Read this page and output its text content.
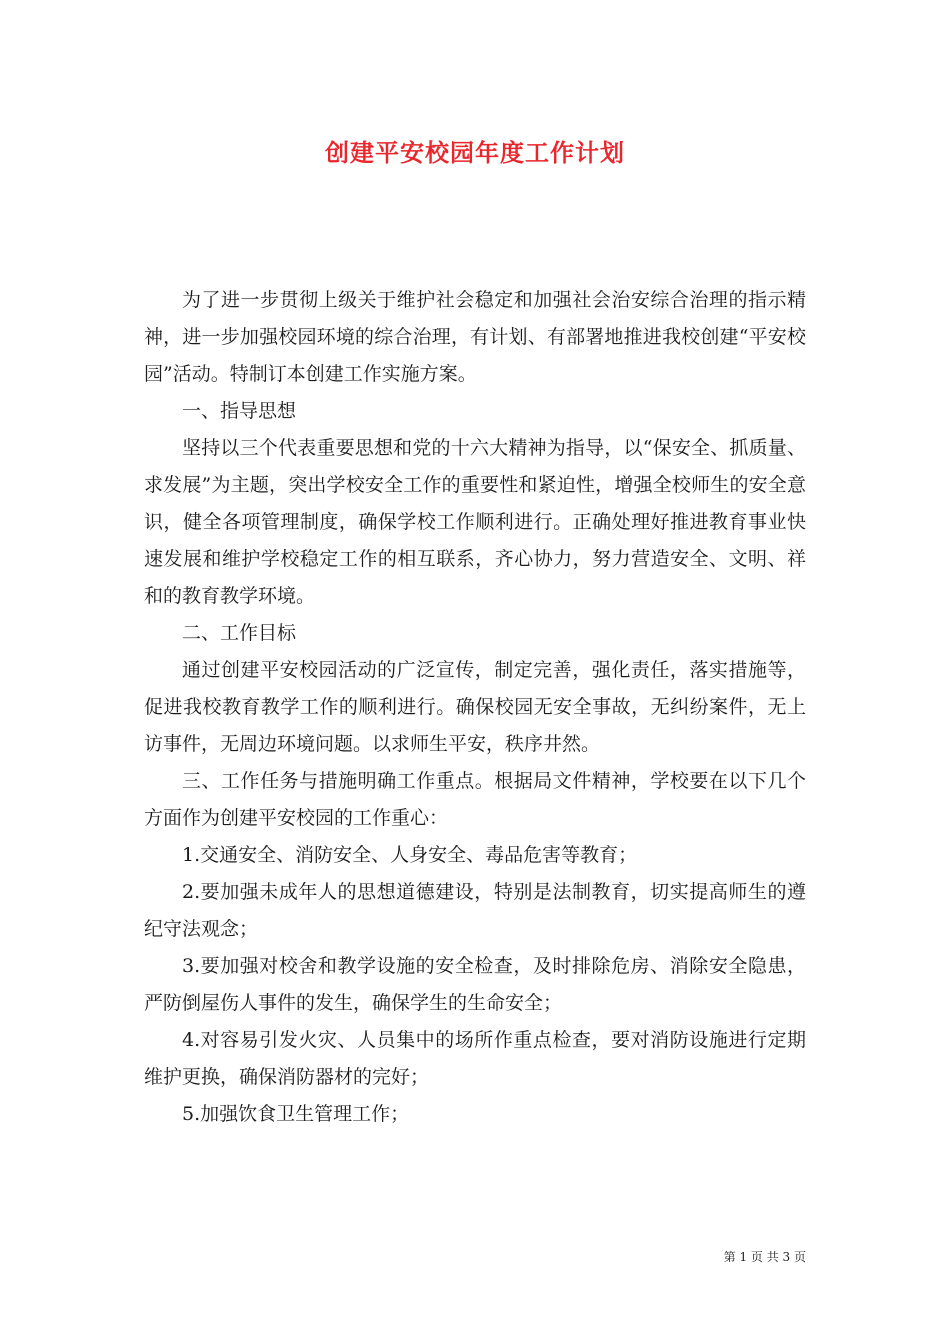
创建平安校园年度工作计划

为了进一步贯彻上级关于维护社会稳定和加强社会治安综合治理的指示精神，进一步加强校园环境的综合治理，有计划、有部署地推进我校创建“平安校园”活动。特制订本创建工作实施方案。

一、指导思想

坚持以三个代表重要思想和党的十六大精神为指导，以“保安全、抓质量、求发展”为主题，突出学校安全工作的重要性和紧迫性，增强全校师生的安全意识，健全各项管理制度，确保学校工作顺利进行。正确处理好推进教育事业快速发展和维护学校稳定工作的相互联系，齐心协力，努力营造安全、文明、祥和的教育教学环境。

二、工作目标

通过创建平安校园活动的广泛宣传，制定完善，强化责任，落实措施等，促进我校教育教学工作的顺利进行。确保校园无安全事故，无纠纷案件，无上访事件，无周边环境问题。以求师生平安，秩序井然。

三、工作任务与措施明确工作重点。根据局文件精神，学校要在以下几个方面作为创建平安校园的工作重心：

1.交通安全、消防安全、人身安全、毒品危害等教育；

2.要加强未成年人的思想道德建设，特别是法制教育，切实提高师生的遵纪守法观念；

3.要加强对校舍和教学设施的安全检查，及时排除危房、消除安全隐患，严防倒屋伤人事件的发生，确保学生的生命安全；

4.对容易引发火灾、人员集中的场所作重点检查，要对消防设施进行定期维护更换，确保消防器材的完好；

5.加强饮食卫生管理工作；

第 1 页 共 3 页
